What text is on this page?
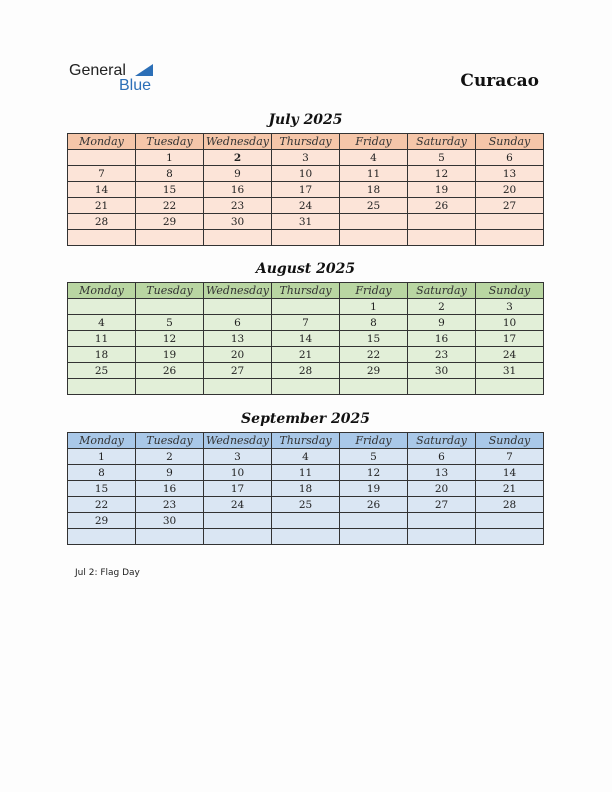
General
Blue	Curacao
July 2025
Monday	Tuesday	Wednesday	Thursday	Friday	Saturday	Sunday
	1	2	3	4	5	6
7	8	9	10	11	12	13
14	15	16	17	18	19	20
21	22	23	24	25	26	27
28	29	30	31			

August 2025
Monday	Tuesday	Wednesday	Thursday	Friday	Saturday	Sunday
				1	2	3
4	5	6	7	8	9	10
11	12	13	14	15	16	17
18	19	20	21	22	23	24
25	26	27	28	29	30	31

September 2025
Monday	Tuesday	Wednesday	Thursday	Friday	Saturday	Sunday
1	2	3	4	5	6	7
8	9	10	11	12	13	14
15	16	17	18	19	20	21
22	23	24	25	26	27	28
29	30					

Jul 2: Flag Day
